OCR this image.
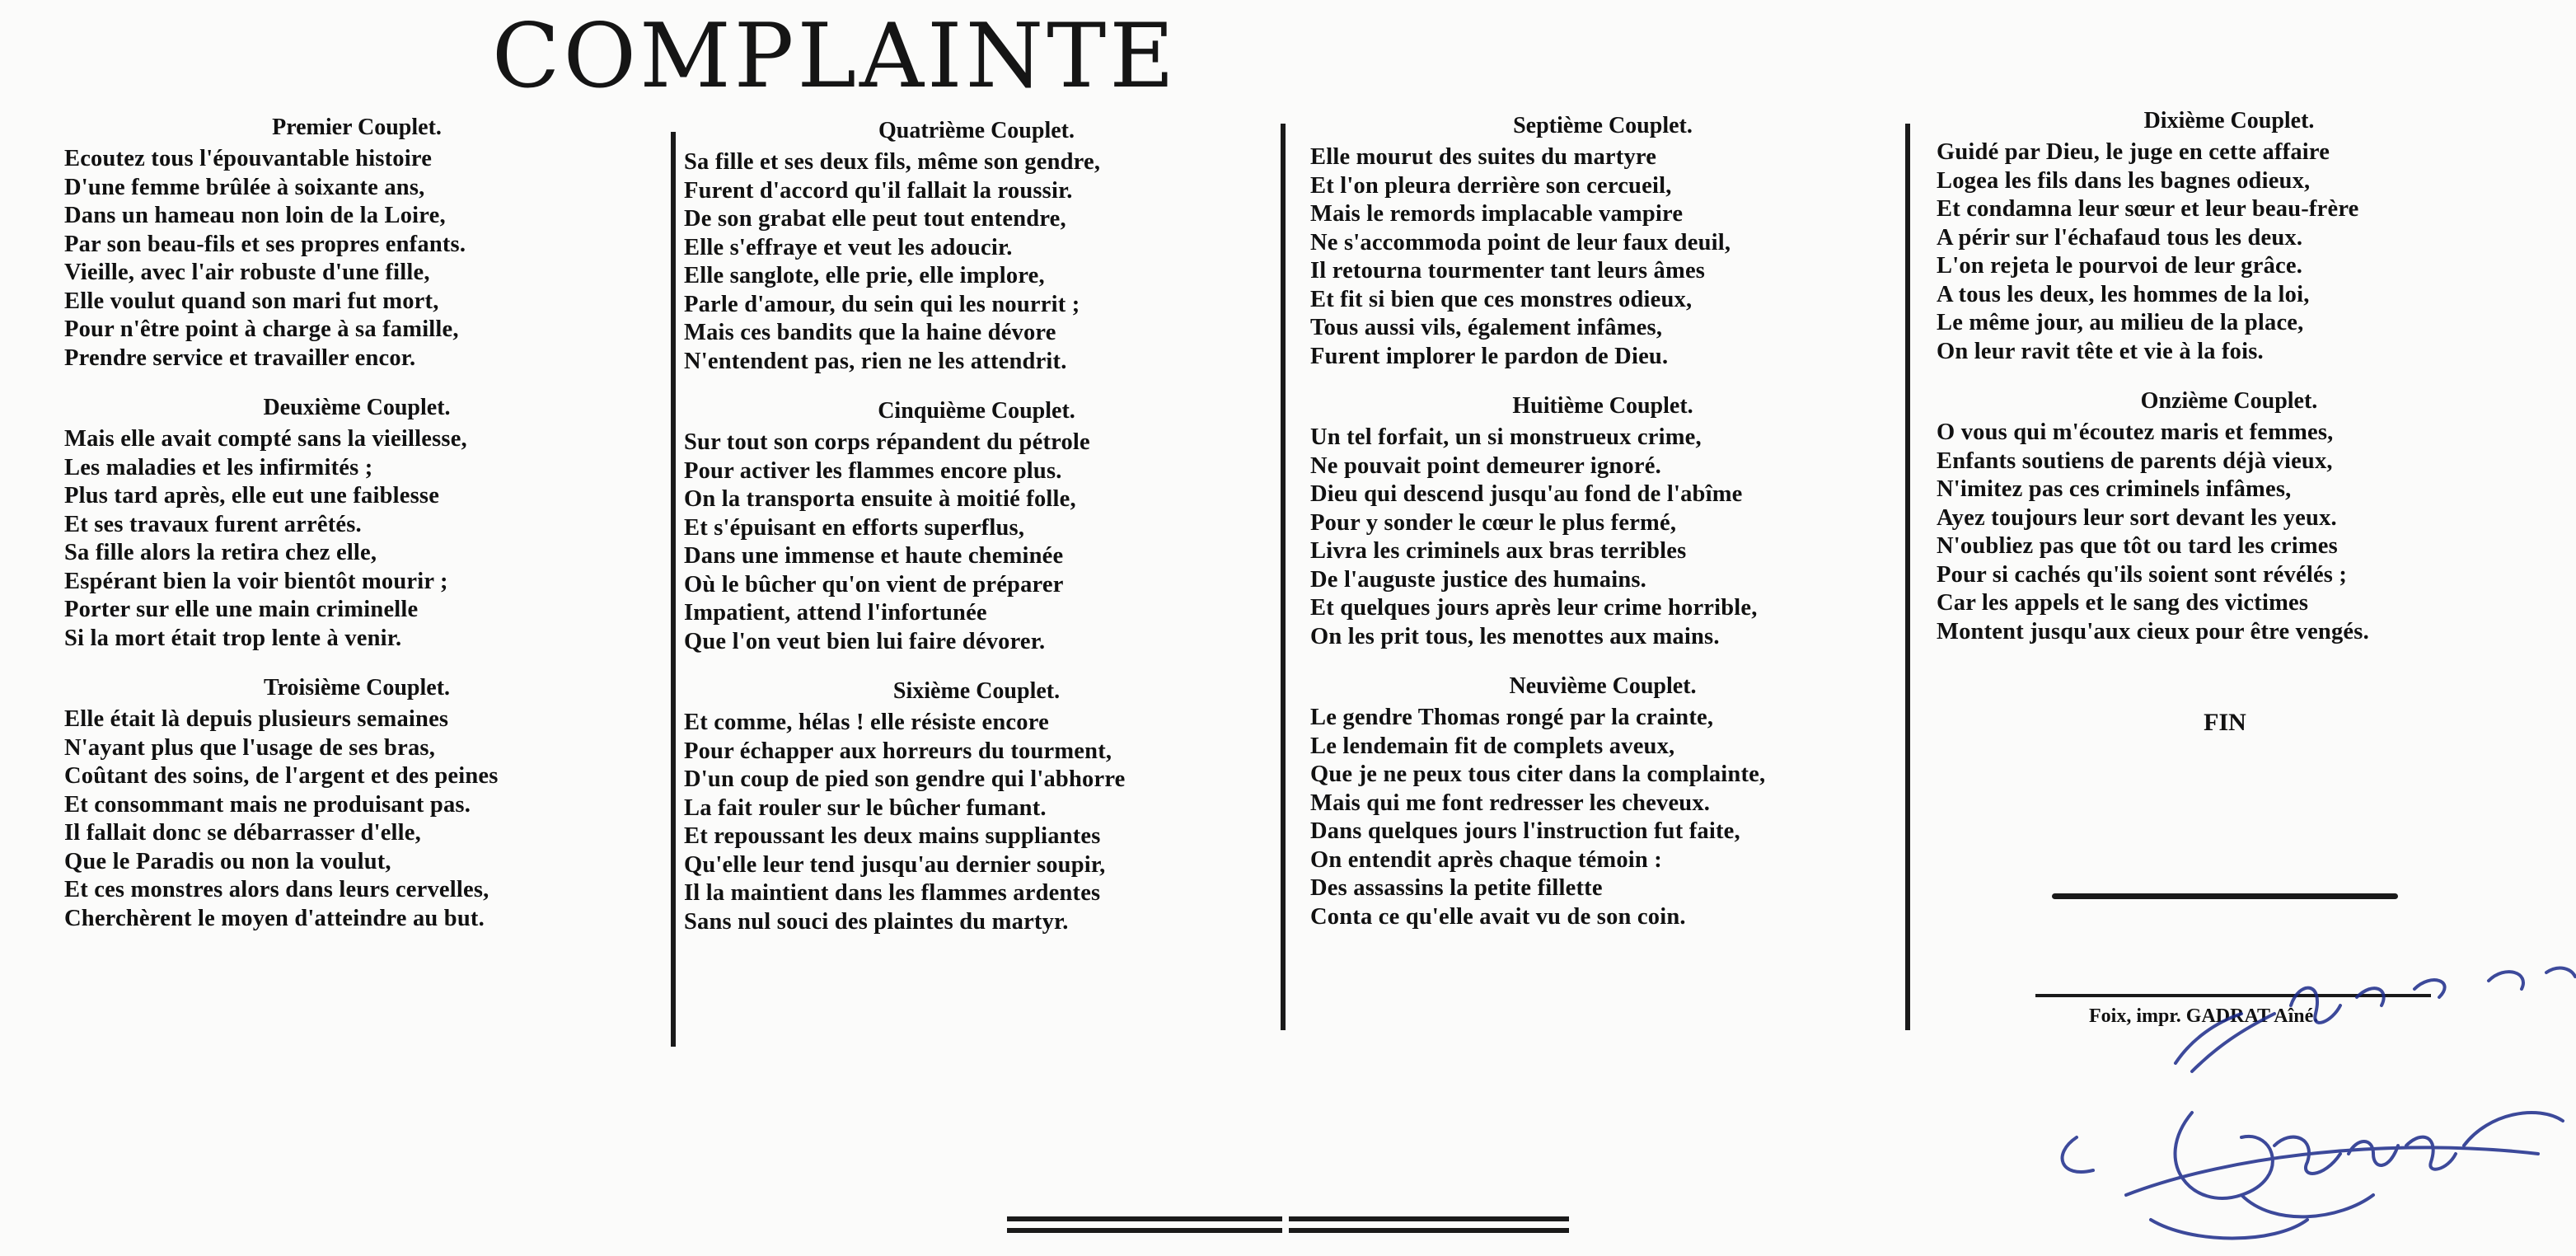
COMPLAINTE
Premier Couplet.
Ecoutez tous l'épouvantable histoire
D'une femme brûlée à soixante ans,
Dans un hameau non loin de la Loire,
Par son beau-fils et ses propres enfants.
Vieille, avec l'air robuste d'une fille,
Elle voulut quand son mari fut mort,
Pour n'être point à charge à sa famille,
Prendre service et travailler encor.
Deuxième Couplet.
Mais elle avait compté sans la vieillesse,
Les maladies et les infirmités ;
Plus tard après, elle eut une faiblesse
Et ses travaux furent arrêtés.
Sa fille alors la retira chez elle,
Espérant bien la voir bientôt mourir ;
Porter sur elle une main criminelle
Si la mort était trop lente à venir.
Troisième Couplet.
Elle était là depuis plusieurs semaines
N'ayant plus que l'usage de ses bras,
Coûtant des soins, de l'argent et des peines
Et consommant mais ne produisant pas.
Il fallait donc se débarrasser d'elle,
Que le Paradis ou non la voulut,
Et ces monstres alors dans leurs cervelles,
Cherchèrent le moyen d'atteindre au but.
Quatrième Couplet.
Sa fille et ses deux fils, même son gendre,
Furent d'accord qu'il fallait la roussir.
De son grabat elle peut tout entendre,
Elle s'effraye et veut les adoucir.
Elle sanglote, elle prie, elle implore,
Parle d'amour, du sein qui les nourrit ;
Mais ces bandits que la haine dévore
N'entendent pas, rien ne les attendrit.
Cinquième Couplet.
Sur tout son corps répandent du pétrole
Pour activer les flammes encore plus.
On la transporta ensuite à moitié folle,
Et s'épuisant en efforts superflus,
Dans une immense et haute cheminée
Où le bûcher qu'on vient de préparer
Impatient, attend l'infortunée
Que l'on veut bien lui faire dévorer.
Sixième Couplet.
Et comme, hélas ! elle résiste encore
Pour échapper aux horreurs du tourment,
D'un coup de pied son gendre qui l'abhorre
La fait rouler sur le bûcher fumant.
Et repoussant les deux mains suppliantes
Qu'elle leur tend jusqu'au dernier soupir,
Il la maintient dans les flammes ardentes
Sans nul souci des plaintes du martyr.
Septième Couplet.
Elle mourut des suites du martyre
Et l'on pleura derrière son cercueil,
Mais le remords implacable vampire
Ne s'accommoda point de leur faux deuil,
Il retourna tourmenter tant leurs âmes
Et fit si bien que ces monstres odieux,
Tous aussi vils, également infâmes,
Furent implorer le pardon de Dieu.
Huitième Couplet.
Un tel forfait, un si monstrueux crime,
Ne pouvait point demeurer ignoré.
Dieu qui descend jusqu'au fond de l'abîme
Pour y sonder le cœur le plus fermé,
Livra les criminels aux bras terribles
De l'auguste justice des humains.
Et quelques jours après leur crime horrible,
On les prit tous, les menottes aux mains.
Neuvième Couplet.
Le gendre Thomas rongé par la crainte,
Le lendemain fit de complets aveux,
Que je ne peux tous citer dans la complainte,
Mais qui me font redresser les cheveux.
Dans quelques jours l'instruction fut faite,
On entendit après chaque témoin :
Des assassins la petite fillette
Conta ce qu'elle avait vu de son coin.
Dixième Couplet.
Guidé par Dieu, le juge en cette affaire
Logea les fils dans les bagnes odieux,
Et condamna leur sœur et leur beau-frère
A périr sur l'échafaud tous les deux.
L'on rejeta le pourvoi de leur grâce.
A tous les deux, les hommes de la loi,
Le même jour, au milieu de la place,
On leur ravit tête et vie à la fois.
Onzième Couplet.
O vous qui m'écoutez maris et femmes,
Enfants soutiens de parents déjà vieux,
N'imitez pas ces criminels infâmes,
Ayez toujours leur sort devant les yeux.
N'oubliez pas que tôt ou tard les crimes
Pour si cachés qu'ils soient sont révélés ;
Car les appels et le sang des victimes
Montent jusqu'aux cieux pour être vengés.
FIN
Foix, impr. GADRAT Aîné.
